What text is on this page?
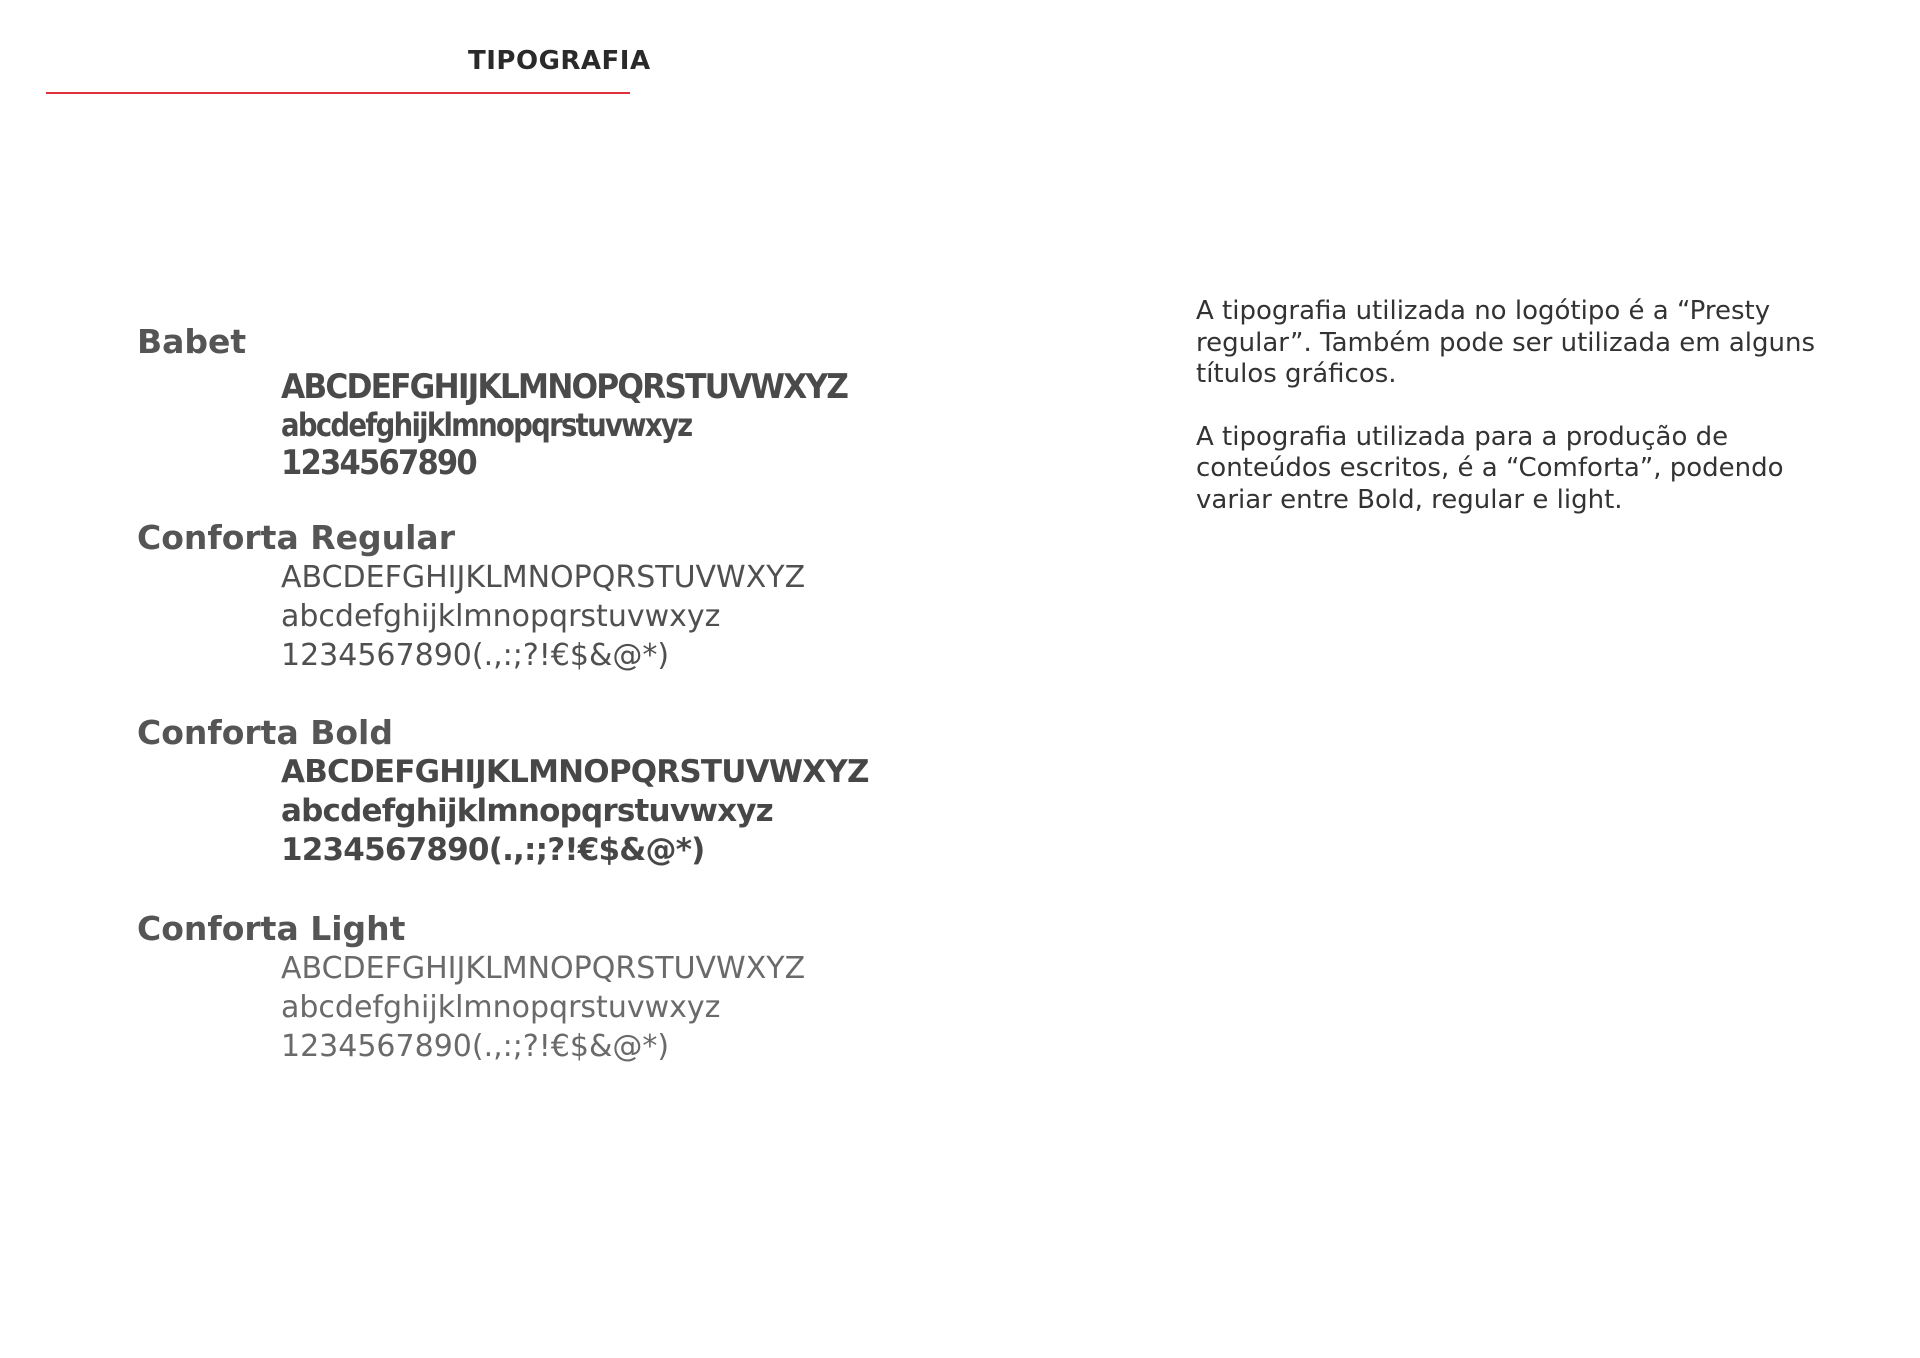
TIPOGRAFIA
Babet
ABCDEFGHIJKLMNOPQRSTUVWXYZ
abcdefghijklmnopqrstuvwxyz
1234567890
Conforta Regular
ABCDEFGHIJKLMNOPQRSTUVWXYZ
abcdefghijklmnopqrstuvwxyz
1234567890(.,:;?!€$&@*)
Conforta Bold
ABCDEFGHIJKLMNOPQRSTUVWXYZ
abcdefghijklmnopqrstuvwxyz
1234567890(.,:;?!€$&@*)
Conforta Light
ABCDEFGHIJKLMNOPQRSTUVWXYZ
abcdefghijklmnopqrstuvwxyz
1234567890(.,:;?!€$&@*)

A tipografia utilizada no logótipo é a “Presty regular”. Também pode ser utilizada em alguns títulos gráficos.

A tipografia utilizada para a produção de conteúdos escritos, é a “Comforta”, podendo variar entre Bold, regular e light.
